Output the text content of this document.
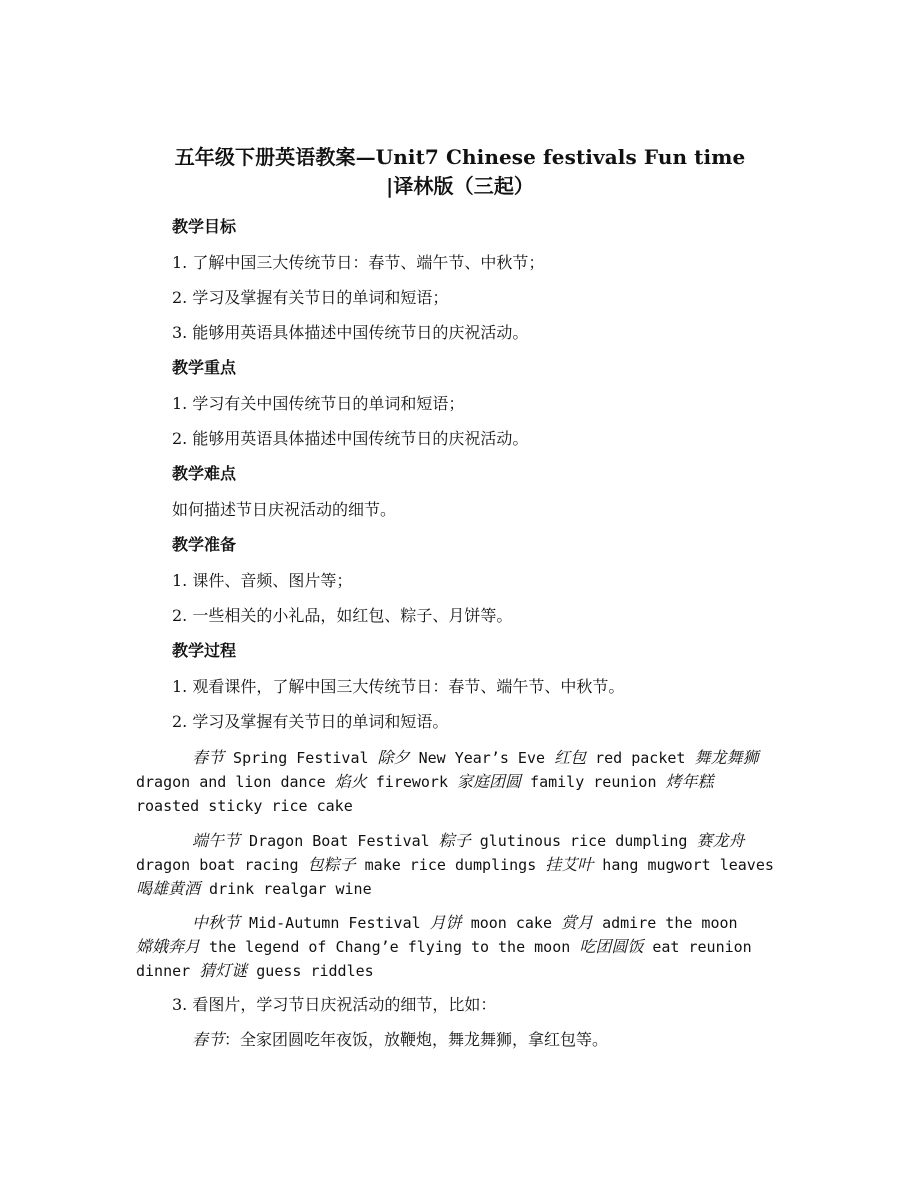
五年级下册英语教案—Unit7 Chinese festivals Fun time
|译林版（三起）
教学目标
1. 了解中国三大传统节日：春节、端午节、中秋节；
2. 学习及掌握有关节日的单词和短语；
3. 能够用英语具体描述中国传统节日的庆祝活动。
教学重点
1. 学习有关中国传统节日的单词和短语；
2. 能够用英语具体描述中国传统节日的庆祝活动。
教学难点
如何描述节日庆祝活动的细节。
教学准备
1. 课件、音频、图片等；
2. 一些相关的小礼品，如红包、粽子、月饼等。
教学过程
1. 观看课件，了解中国三大传统节日：春节、端午节、中秋节。
2. 学习及掌握有关节日的单词和短语。
春节 Spring Festival 除夕 New Year’s Eve 红包 red packet 舞龙舞狮
dragon and lion dance 焰火 firework 家庭团圆 family reunion 烤年糕
roasted sticky rice cake
端午节 Dragon Boat Festival 粽子 glutinous rice dumpling 赛龙舟
dragon boat racing 包粽子 make rice dumplings 挂艾叶 hang mugwort leaves
喝雄黄酒 drink realgar wine
中秋节 Mid-Autumn Festival 月饼 moon cake 赏月 admire the moon
嫦娥奔月 the legend of Chang’e flying to the moon 吃团圆饭 eat reunion
dinner 猜灯谜 guess riddles
3. 看图片，学习节日庆祝活动的细节，比如：
春节：全家团圆吃年夜饭，放鞭炮，舞龙舞狮，拿红包等。
